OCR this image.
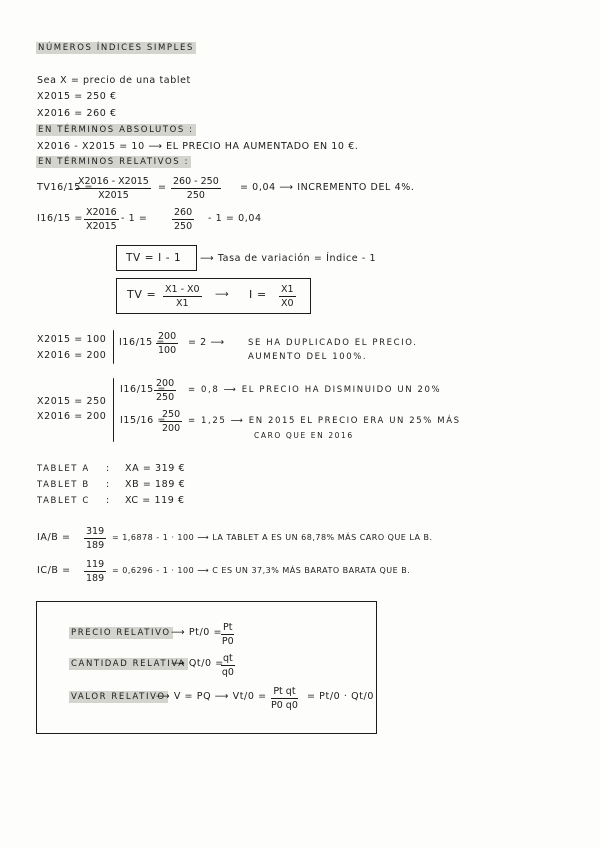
NÚMEROS ÍNDICES SIMPLES
Sea X = precio de una tablet
X2015 = 250 €
X2016 = 260 €
EN TÉRMINOS ABSOLUTOS :
X2016 - X2015 = 10 ⟶ EL PRECIO HA AUMENTADO EN 10 €.
EN TÉRMINOS RELATIVOS :
TV16/15 =
$\frac{X2016 - X2015}{X2015} = \frac{260 - 250}{250} = 0,04$ ⟶ INCREMENTO DEL 4%.
$I16/15 = \frac{X2016}{X2015} - 1$ =	$\frac{260}{250} - 1 = 0,04$
TV = I - 1 ⟶ Tasa de variación = Índice - 1
TV = $\frac{X1 - X0}{X1}$ ⟶ $I = \frac{X1}{X0}$
X2015 = 100
X2016 = 200
I16/15 =
$\frac{200}{100} = 2$ ⟶	SE HA DUPLICADO EL PRECIO.
AUMENTO DEL 100%.
X2015 = 250
X2016 = 200
I16/15 =
$\frac{200}{250} = 0,8$ ⟶ EL PRECIO HA DISMINUIDO UN 20%
I15/16 =
$\frac{250}{200} = 1,25$ ⟶ EN 2015 EL PRECIO ERA UN 25% MÁS
CARO QUE EN 2016
TABLET A : XA = 319 €
TABLET B : XB = 189 €
TABLET C : XC = 119 €
$IA/B = \frac{319}{189} = 1,6878 - 1 \cdot 100$ ⟶ LA TABLET A ES UN 68,78% MÁS CARO QUE LA B.
$IC/B = \frac{119}{189} = 0,6296 - 1 \cdot 100$ ⟶ C ES UN 37,3% MÁS BARATO BARATA QUE B.
PRECIO RELATIVO ⟶ Pt/0 =
$\frac{Pt}{P0}$
CANTIDAD RELATIVA
⟶ Qt/0 =
$\frac{qt}{q0}$
VALOR RELATIVO
⟶ V = PQ ⟶ $Vt/0 = \frac{\text{Pt qt}}{P0 q0} = Pt/0 \cdot Qt/0$
